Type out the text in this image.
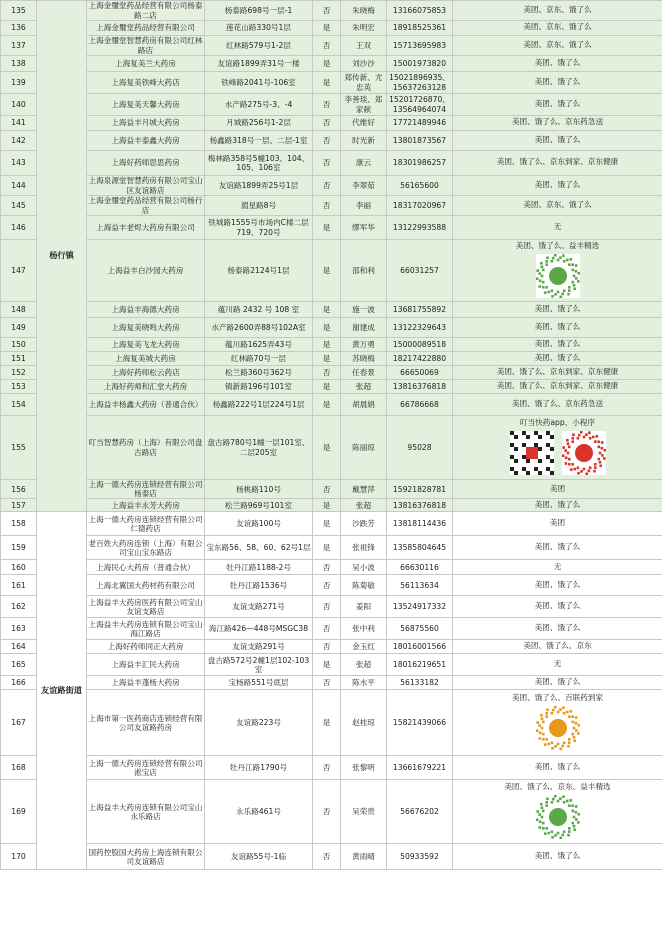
135	杨行镇	上海金璽堂药品经营有限公司杨泰路二店	杨泰路698号一层-1	否	朱晓梅	13166075853	美团、京东、饿了么

136		上海金璽堂药品经营有限公司	莲花山路330号1层	是	朱明宏	18918525361	美团、京东、饿了么

137		上海金璽堂智慧药房有限公司红林路店	红林路579号1-2层	否	王双	15713695983	美团、京东、饿了么

138		上海复美兰大药房	友谊路1899弄31号一楼	是	刘沙沙	15001973820	美团、饿了么

139		上海复美铁峰大药店	铁峰路2041号-106室	是	郑传新、尤忠英	15021896935、15637263128	美团、饿了么

140		上海复美天馨大药房	水产路275号-3、-4	否	李善琰、郑家献	15201726870、13564964074	美团、饿了么

141		上海益丰月城大药房	月城路256号1-2层	否	代维好	17721489946	美团、饿了么、京东药急送

142		上海益丰泰鑫大药房	杨鑫路318号一层、二层-1室	否	时光新	13801873567	美团、饿了么

143		上海好药师思思药房	梅林路358号5幢103、104、105、106室	否	康云	18301986257	美团、饿了么、京东到家、京东健康

144		上海泉源堂智慧药房有限公司宝山区友谊路店	友谊路1899弄25号1层	否	李翠茹	56165600	美团、饿了么

145		上海金璽堂药品经营有限公司杨行店	湄星路8号	否	李丽	18317020967	美团、京东、饿了么

146		上海益丰老烬大药房有限公司	铁城路1555号市场内C楼二层719、720号	是	缪军华	13122993588	无

147		上海益丰白沙园大药房	杨泰路2124号1层	是	邵和利	66031257	美团、饿了么、益丰精选

148		上海益丰海德大药房	蕴川路 2432 号 108 室	是	施一波	13681755892	美团、饿了么

149		上海复美晓鸣大药房	水产路2600弄88号102A室	是	谢建成	13122329643	美团、饿了么

150		上海复美飞龙大药房	蕴川路1625弄43号	是	黄万勇	15000089518	美团、饿了么

151		上海复美城大药房	红林路70号一层	是	苏晓梅	18217422880	美团、饿了么

152		上海好药师松云药店	松兰路360号362号	否	任春景	66650069	美团、饿了么、京东到家、京东健康

153		上海好药师和汇堂大药房	镇新路196号101室	是	张超	13816376818	美团、饿了么、京东到家、京东健康

154		上海益丰杨鑫大药房（普通合伙）	杨鑫路222号1层224号1层	是	胡晨娟	66786668	美团、饿了么、京东药急送

155		叮当智慧药房（上海）有限公司盘古路店	盘古路780号1幢一层101室、二层205室	是	陈丽琼	95028	叮当快药app、小程序

156		上海一德大药房连锁经营有限公司杨泰店	杨桃路110号	否	戴慧萍	15921828781	美团

157		上海益丰永芳大药房	松兰路969号101室	是	张超	13816376818	美团、饿了么

158	友谊路街道	上海一德大药房连锁经营有限公司仁德药店	友谊路100号	是	沙跌芳	13818114436	美团

159		老百姓大药房连锁（上海）有限公司宝山宝东路店	宝东路56、58、60、62号1层	是	张祖锋	13585804645	美团、饿了么

160		上海民心大药房（普通合伙）	牡丹江路1188-2号	否	吴小波	66630116	无

161		上海北翼国大药材药有限公司	牡丹江路1536号	否	陈菊敏	56113634	美团、饿了么

162		上海益丰大药房医药有限公司宝山友谊支路店	友谊支路271号	否	姜阳	13524917332	美团、饿了么

163		上海益丰大药房连锁有限公司宝山海江路店	海江路426—448号MSGC38	否	张中利	56875560	美团、饿了么

164		上海好药师同正大药房	友谊支路291号	否	金玉红	18016001566	美团、饿了么、京东

165		上海益丰汇民大药房	盘古路572号2幢1层102-103室	是	张超	18016219651	无

166		上海益丰蓬杨大药房	宝杨路551号底层	否	陈水平	56133182	美团、饿了么

167		上海市第一医药商店连锁经营有限公司友谊路药房	友谊路223号	是	赵桂琼	15821439066	美团、饿了么、百联药到家

168		上海一德大药房连锁经营有限公司淞宝店	牡丹江路1790号	否	张黎明	13661679221	美团、饿了么

169		上海益丰大药房连锁有限公司宝山永乐路店	永乐路461号	否	吴荣贵	56676202	美团、饿了么、京东、益丰精选

170		国药控股国大药房上海连锁有限公司友谊路店	友谊路55号-1临	否	黄雨晴	50933592	美团、饿了么
